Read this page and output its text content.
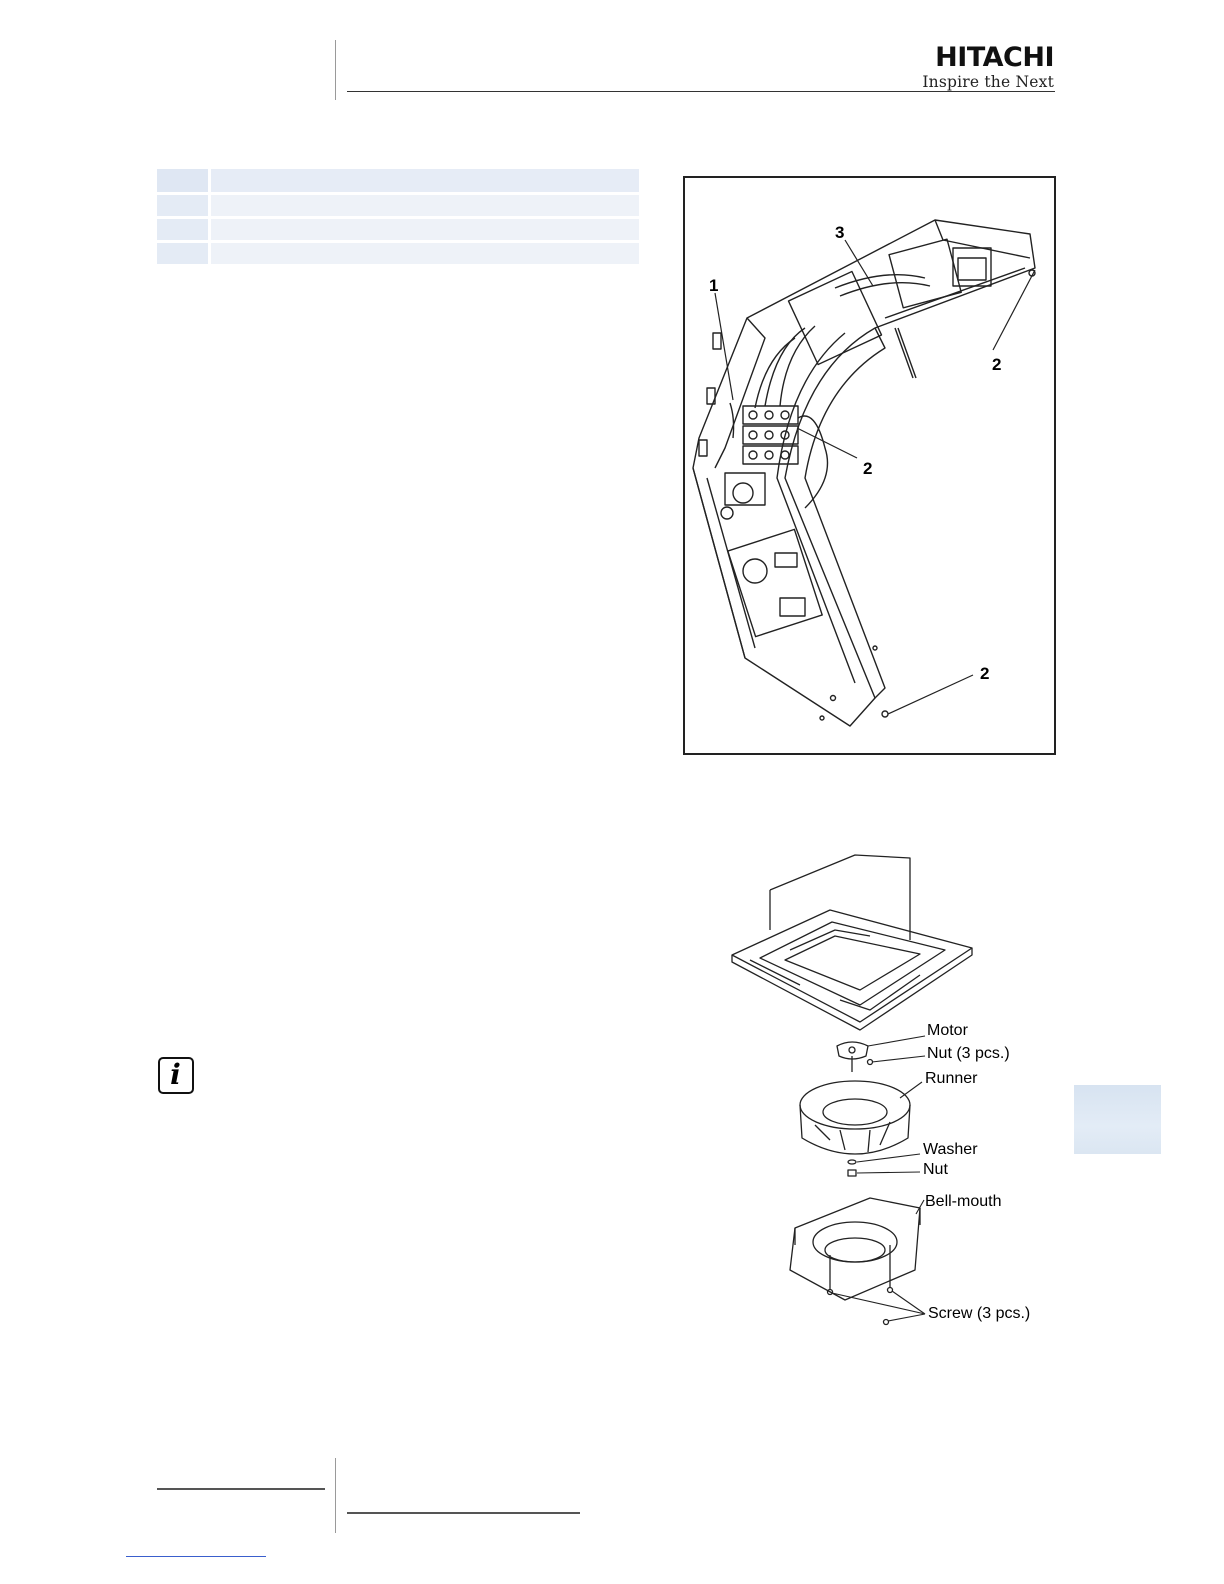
HITACHI
Inspire the Next

3
1
2
2
2
Motor
Nut (3 pcs.)
Runner
Washer
Nut
Bell-mouth
Screw (3 pcs.)
i
